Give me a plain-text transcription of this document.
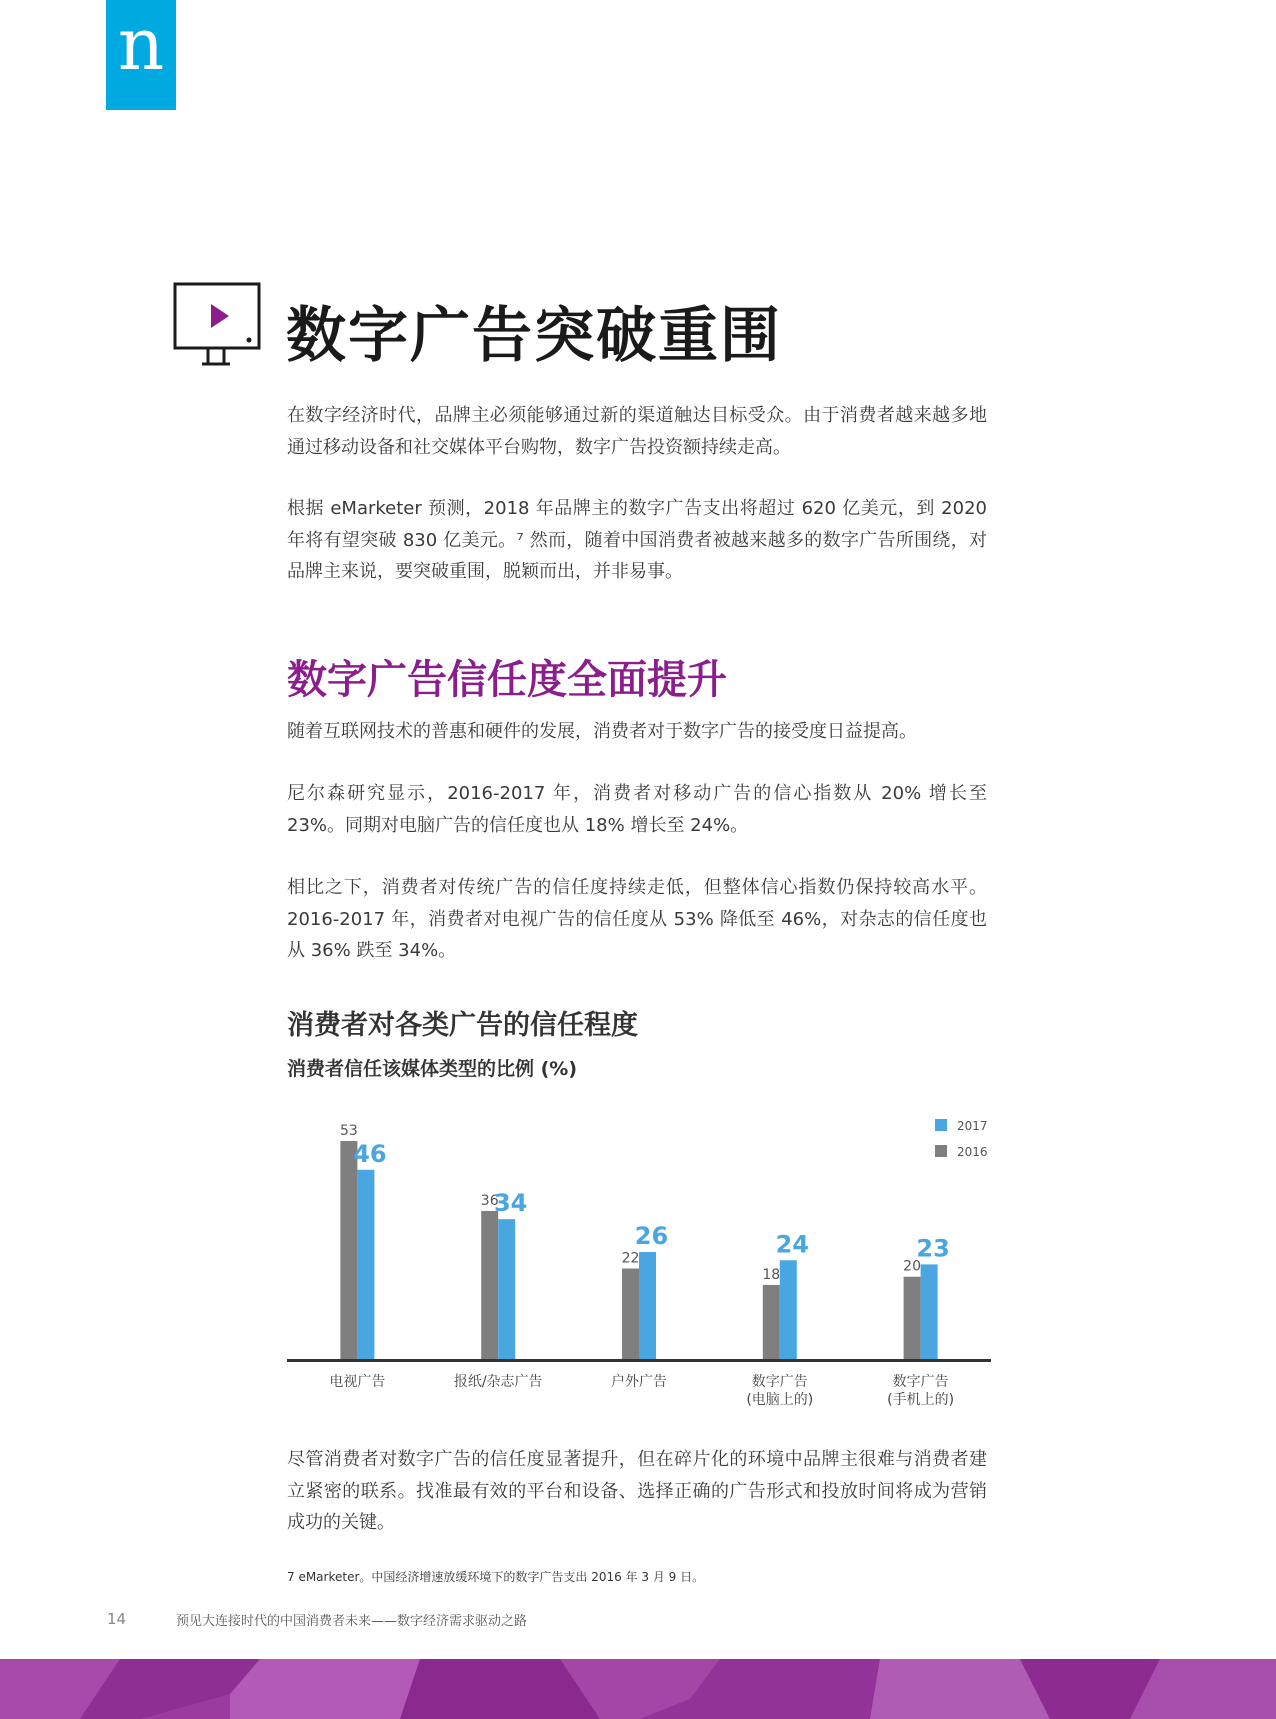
n
数字广告突破重围

在数字经济时代，品牌主必须能够通过新的渠道触达目标受众。由于消费者越来越多地通过移动设备和社交媒体平台购物，数字广告投资额持续走高。

根据 eMarketer 预测，2018 年品牌主的数字广告支出将超过 620 亿美元，到 2020 年将有望突破 830 亿美元。⁷ 然而，随着中国消费者被越来越多的数字广告所围绕，对品牌主来说，要突破重围，脱颖而出，并非易事。

数字广告信任度全面提升

随着互联网技术的普惠和硬件的发展，消费者对于数字广告的接受度日益提高。

尼尔森研究显示，2016-2017 年，消费者对移动广告的信心指数从 20% 增长至 23%。同期对电脑广告的信任度也从 18% 增长至 24%。

相比之下，消费者对传统广告的信任度持续走低，但整体信心指数仍保持较高水平。2016-2017 年，消费者对电视广告的信任度从 53% 降低至 46%，对杂志的信任度也从 36% 跌至 34%。

消费者对各类广告的信任程度

消费者信任该媒体类型的比例 (%)

53
46
电视广告
36
34
报纸/杂志广告
22
26
户外广告
18
24
数字广告
(电脑上的)
20
23
数字广告
(手机上的)
2017
2016

尽管消费者对数字广告的信任度显著提升，但在碎片化的环境中品牌主很难与消费者建立紧密的联系。找准最有效的平台和设备、选择正确的广告形式和投放时间将成为营销成功的关键。

7 eMarketer。中国经济增速放缓环境下的数字广告支出 2016 年 3 月 9 日。

14	预见大连接时代的中国消费者未来——数字经济需求驱动之路
